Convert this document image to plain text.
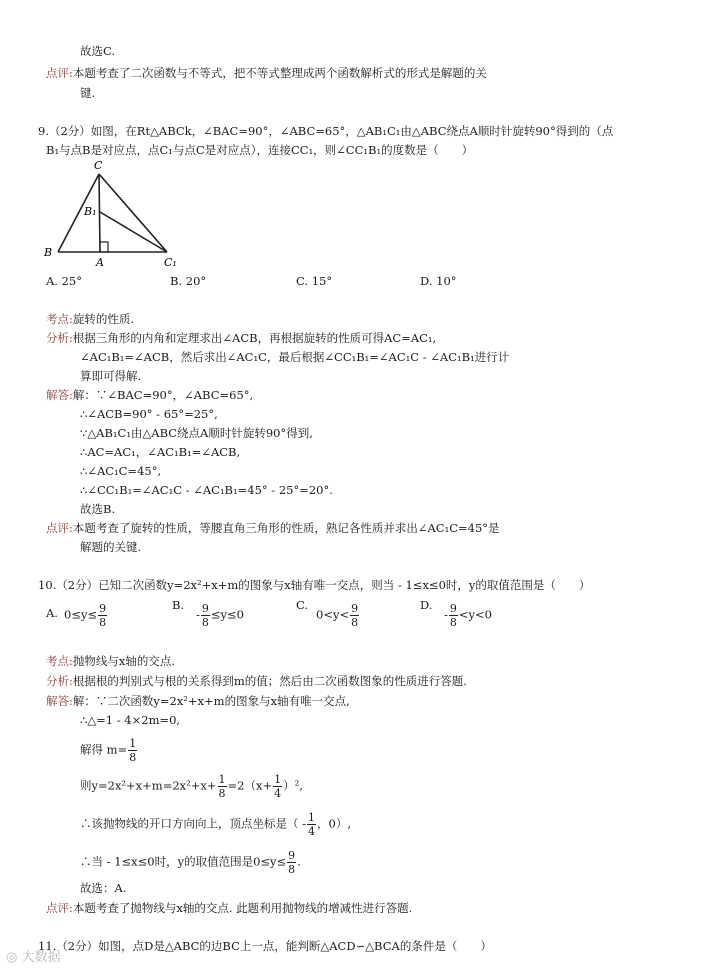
故选C.
点评:本题考查了二次函数与不等式，把不等式整理成两个函数解析式的形式是解题的关
键.
9.（2分）如图，在Rt△ABCk，∠BAC=90°，∠ABC=65°，△AB₁C₁由△ABC绕点A顺时针旋转90°得到的（点
B₁与点B是对应点，点C₁与点C是对应点），连接CC₁，则∠CC₁B₁的度数是（　　）
C
B₁
B
A	C₁
A. 25°	B. 20°	C. 15°	D. 10°
考点:旋转的性质.
分析:根据三角形的内角和定理求出∠ACB，再根据旋转的性质可得AC=AC₁,
∠AC₁B₁=∠ACB，然后求出∠AC₁C，最后根据∠CC₁B₁=∠AC₁C - ∠AC₁B₁进行计
算即可得解.
解答:解：∵∠BAC=90°，∠ABC=65°,
∴∠ACB=90° - 65°=25°,
∵△AB₁C₁由△ABC绕点A顺时针旋转90°得到,
∴AC=AC₁，∠AC₁B₁=∠ACB,
∴∠AC₁C=45°,
∴∠CC₁B₁=∠AC₁C - ∠AC₁B₁=45° - 25°=20°.
故选B.
点评:本题考查了旋转的性质，等腰直角三角形的性质，熟记各性质并求出∠AC₁C=45°是
解题的关键.
10.（2分）已知二次函数y=2x²+x+m的图象与x轴有唯一交点，则当 - 1≤x≤0时，y的取值范围是（　　）
A. $0\le y\le \frac{9}{8}$	B.
- $\frac{9}{8} \le y\le 0$
C.
$0<y< \frac{9}{8}$	D.
- $\frac{9}{8} <y<0$
考点:抛物线与x轴的交点.
分析:根据根的判别式与根的关系得到m的值；然后由二次函数图象的性质进行答题.
解答:解：∵二次函数y=2x²+x+m的图象与x轴有唯一交点,
∴△=1 - 4×2m=0,
解得 $m= \frac{1}{8}$
则$y=2x^2+x+m=2x^2+x+ \frac{1}{8} =2(x+ \frac{1}{4} )^2$,
∴该抛物线的开口方向向上，顶点坐标是（ - $\frac{1}{4}$ ，0）,
∴当 - 1≤x≤0时，y的取值范围是$0\le y\le \frac{9}{8}$ .
故选：A.
点评:本题考查了抛物线与x轴的交点. 此题利用抛物线的增减性进行答题.
11.（2分）如图，点D是△ABC的边BC上一点，能判断△ACD∽△BCA的条件是（　　）
◎ 大数据
